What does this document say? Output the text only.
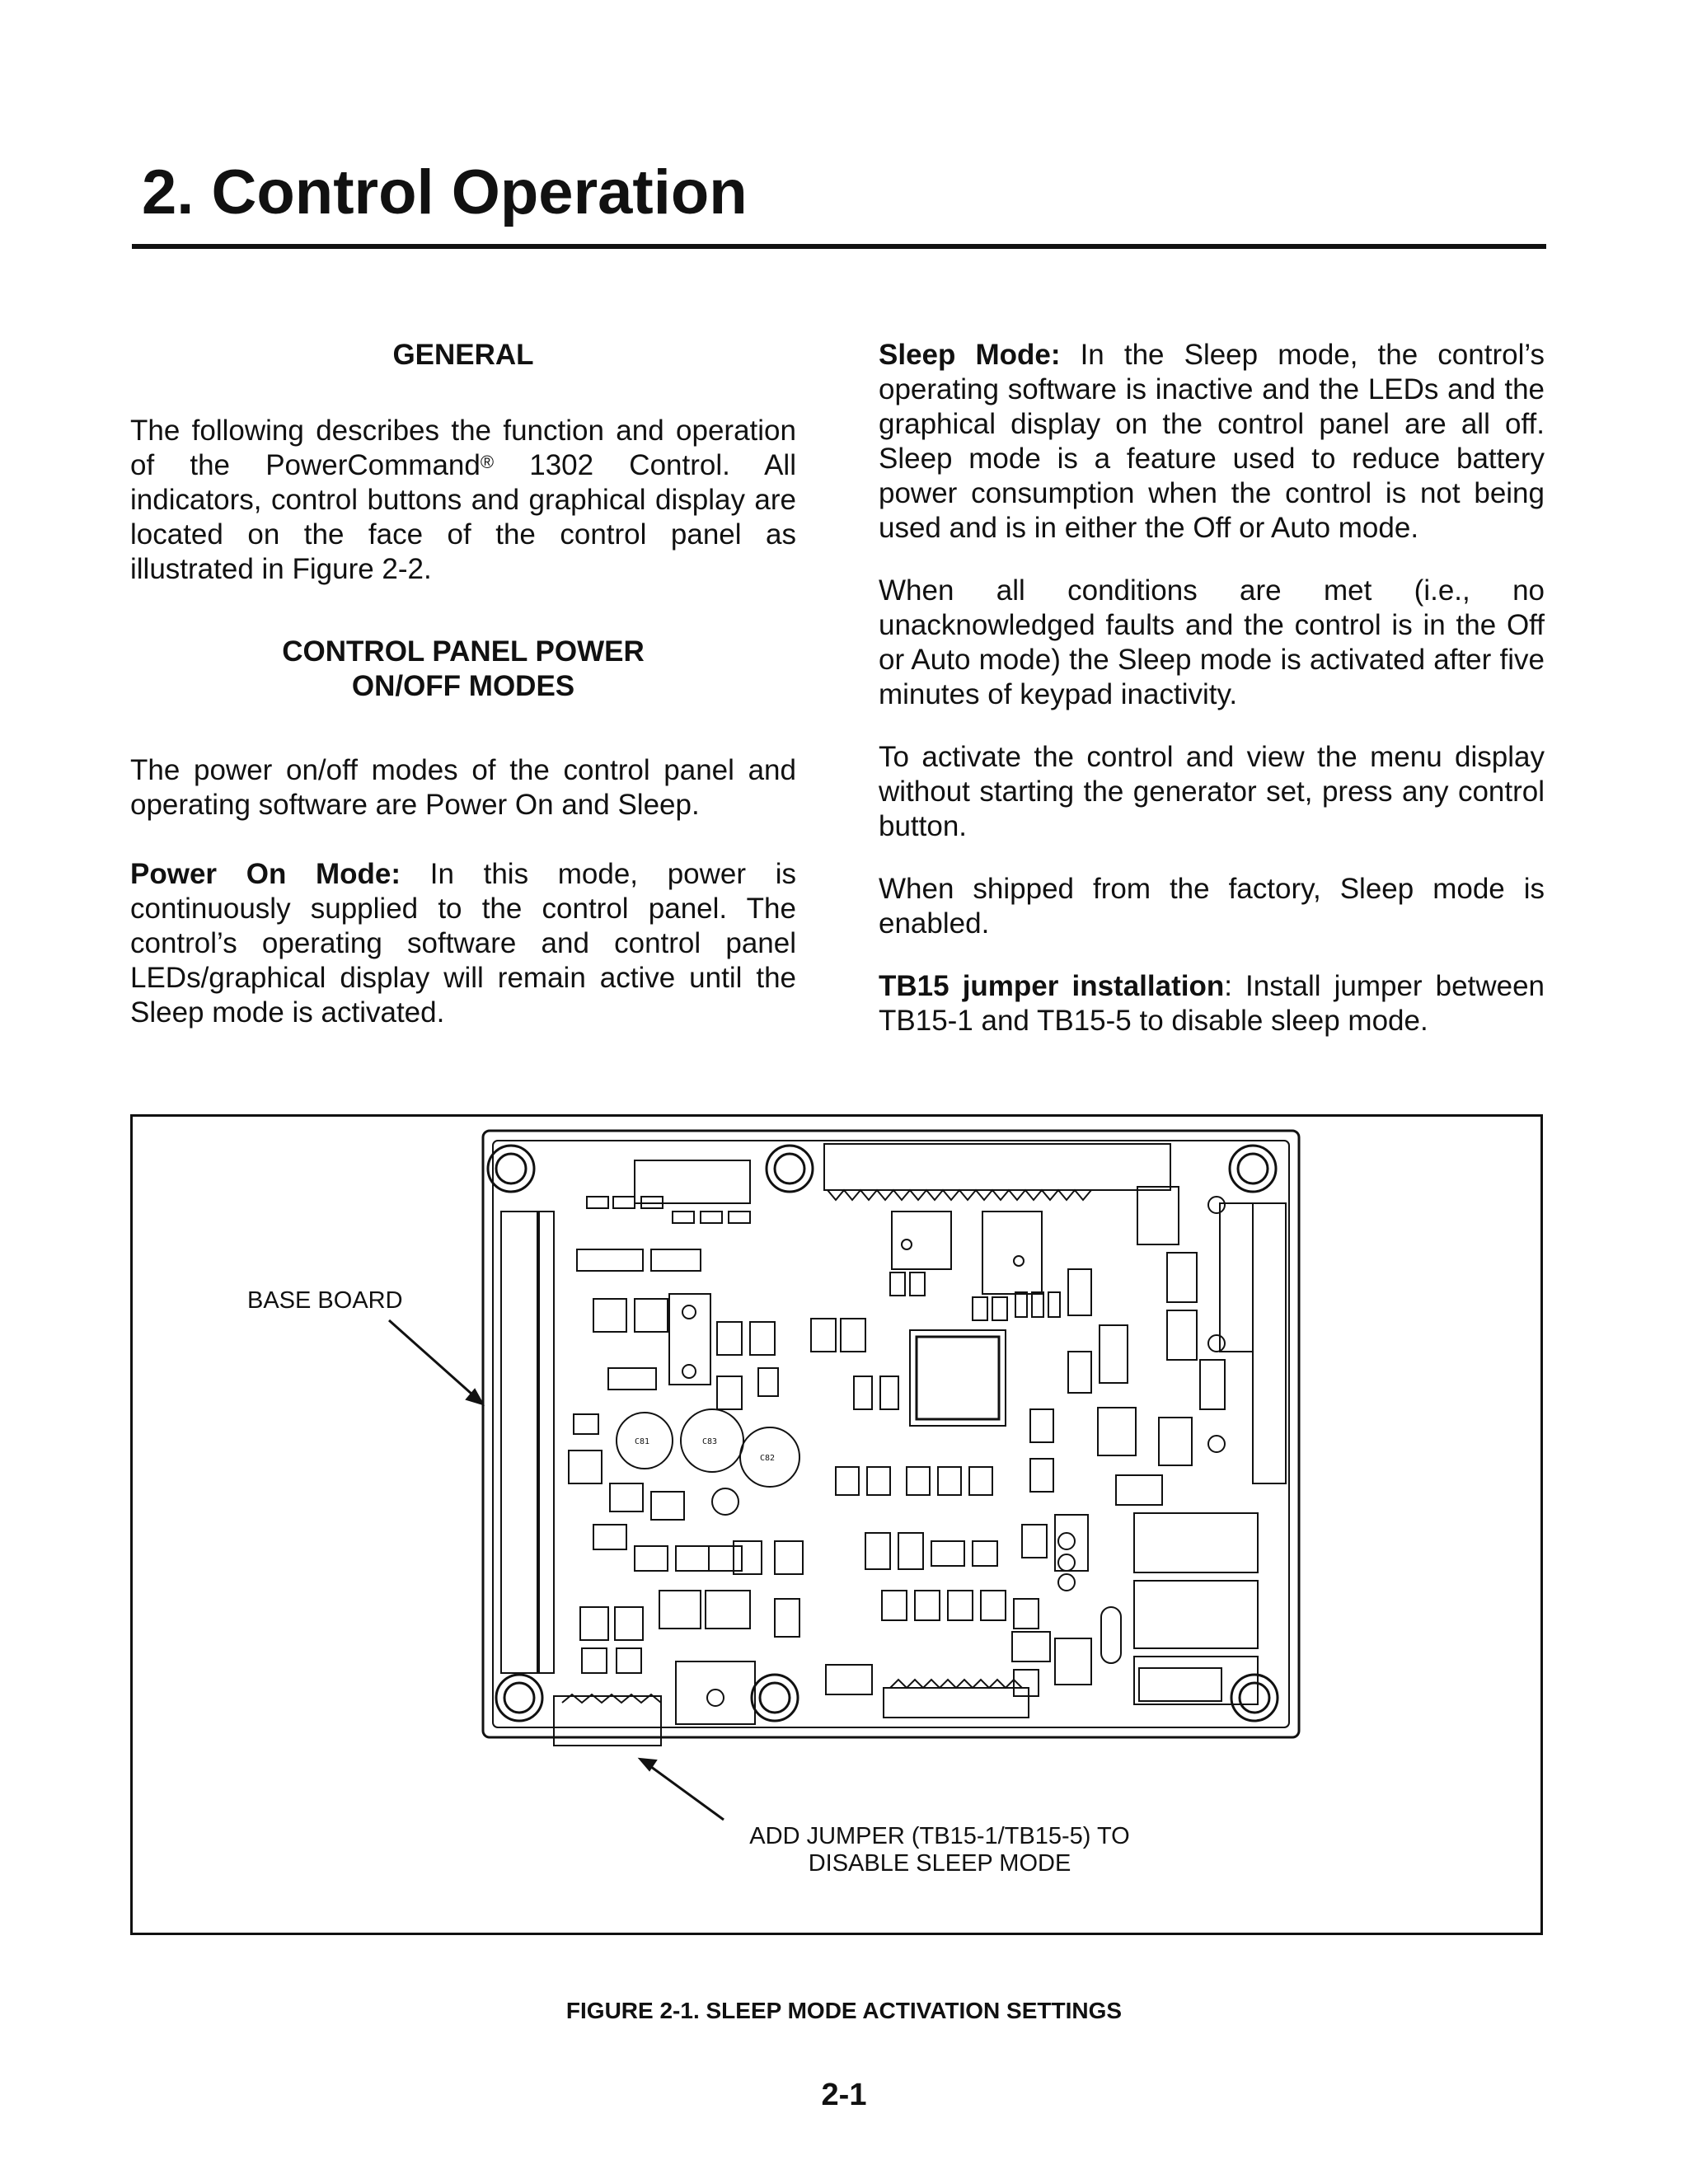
2. Control Operation
GENERAL

The following describes the function and operation of the PowerCommand® 1302 Control. All indicators, control buttons and graphical display are located on the face of the control panel as illustrated in Figure 2-2.

CONTROL PANEL POWER ON/OFF MODES

The power on/off modes of the control panel and operating software are Power On and Sleep.

Power On Mode: In this mode, power is continuously supplied to the control panel. The control’s operating software and control panel LEDs/graphical display will remain active until the Sleep mode is activated.

Sleep Mode: In the Sleep mode, the control’s operating software is inactive and the LEDs and the graphical display on the control panel are all off. Sleep mode is a feature used to reduce battery power consumption when the control is not being used and is in either the Off or Auto mode.

When all conditions are met (i.e., no unacknowledged faults and the control is in the Off or Auto mode) the Sleep mode is activated after five minutes of keypad inactivity.

To activate the control and view the menu display without starting the generator set, press any control button.

When shipped from the factory, Sleep mode is enabled.

TB15 jumper installation: Install jumper between TB15-1 and TB15-5 to disable sleep mode.

C81	C83
C82
BASE BOARD
ADD JUMPER (TB15-1/TB15-5) TO
DISABLE SLEEP MODE
FIGURE 2-1. SLEEP MODE ACTIVATION SETTINGS
2-1
